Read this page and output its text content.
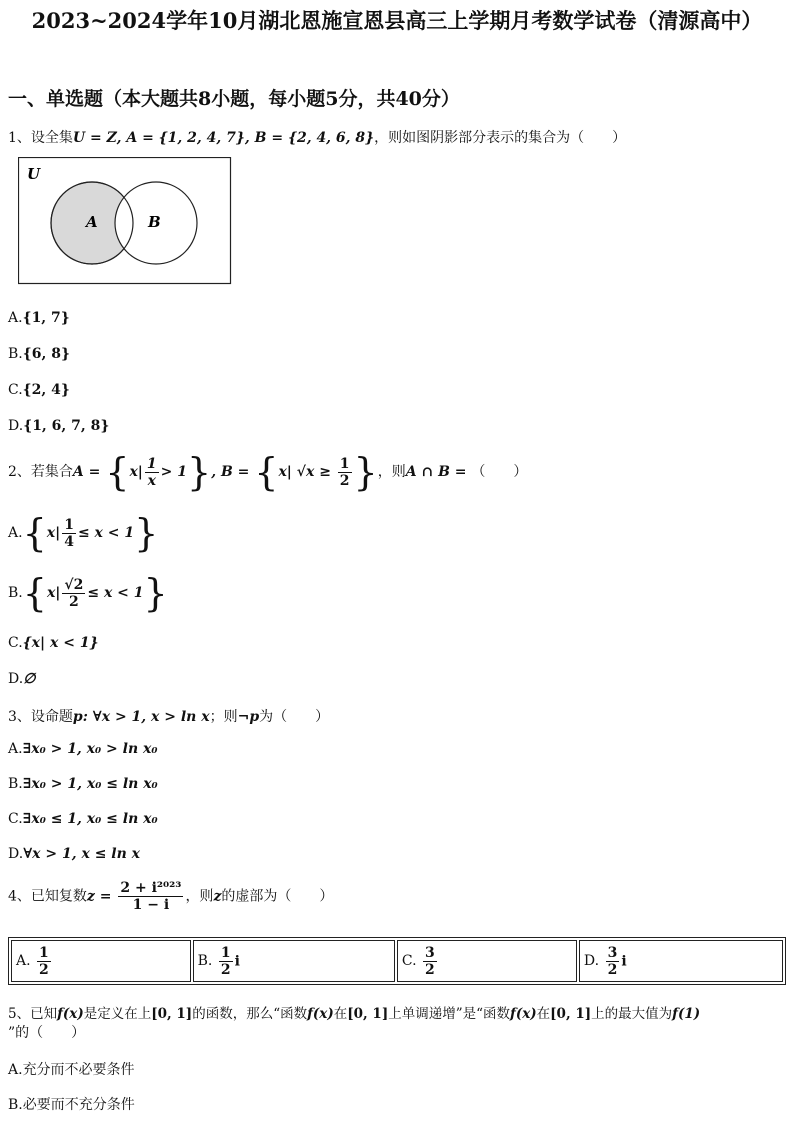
2023~2024学年10月湖北恩施宣恩县高三上学期月考数学试卷（清源高中）
一、单选题（本大题共8小题，每小题5分，共40分）
1、设全集U = Z, A = {1, 2, 4, 7}, B = {2, 4, 6, 8}，则如图阴影部分表示的集合为（　　）
U
A	B
A.{1, 7}
B.{6, 8}
C.{2, 4}
D.{1, 6, 7, 8}
2、若集合$A = \{x| \frac{1}{x} > 1\}$, B = {x| $√x \ge \frac{1}{2}$ }，则A ∩ B = （　　）
$A.\{x| \frac{1}{4} \le x < 1\}$
$B.\{x| \frac{√2}{2} \le x < 1\}$
C.{x| x < 1}
D.∅
3、设命题p: ∀x > 1, x > ln x；则¬p为（　　）
A.∃x₀ > 1, x₀ > ln x₀
B.∃x₀ > 1, x₀ ≤ ln x₀
C.∃x₀ ≤ 1, x₀ ≤ ln x₀
D.∀x > 1, x ≤ ln x
4、已知复数$z = \frac{\text{2 + i²⁰²³}}{1 - i}$ ，则z的虚部为（　　）
A. $\frac{1}{2}$	B. $\frac{1}{2}$ i	C. $\frac{3}{2}$	D. $\frac{3}{2}$ i
5、已知f(x)是定义在上[0, 1]的函数，那么“函数f(x)在[0, 1]上单调递增”是“函数f(x)在[0, 1]上的最大值为f(1)
”的（　　）
A.充分而不必要条件
B.必要而不充分条件
